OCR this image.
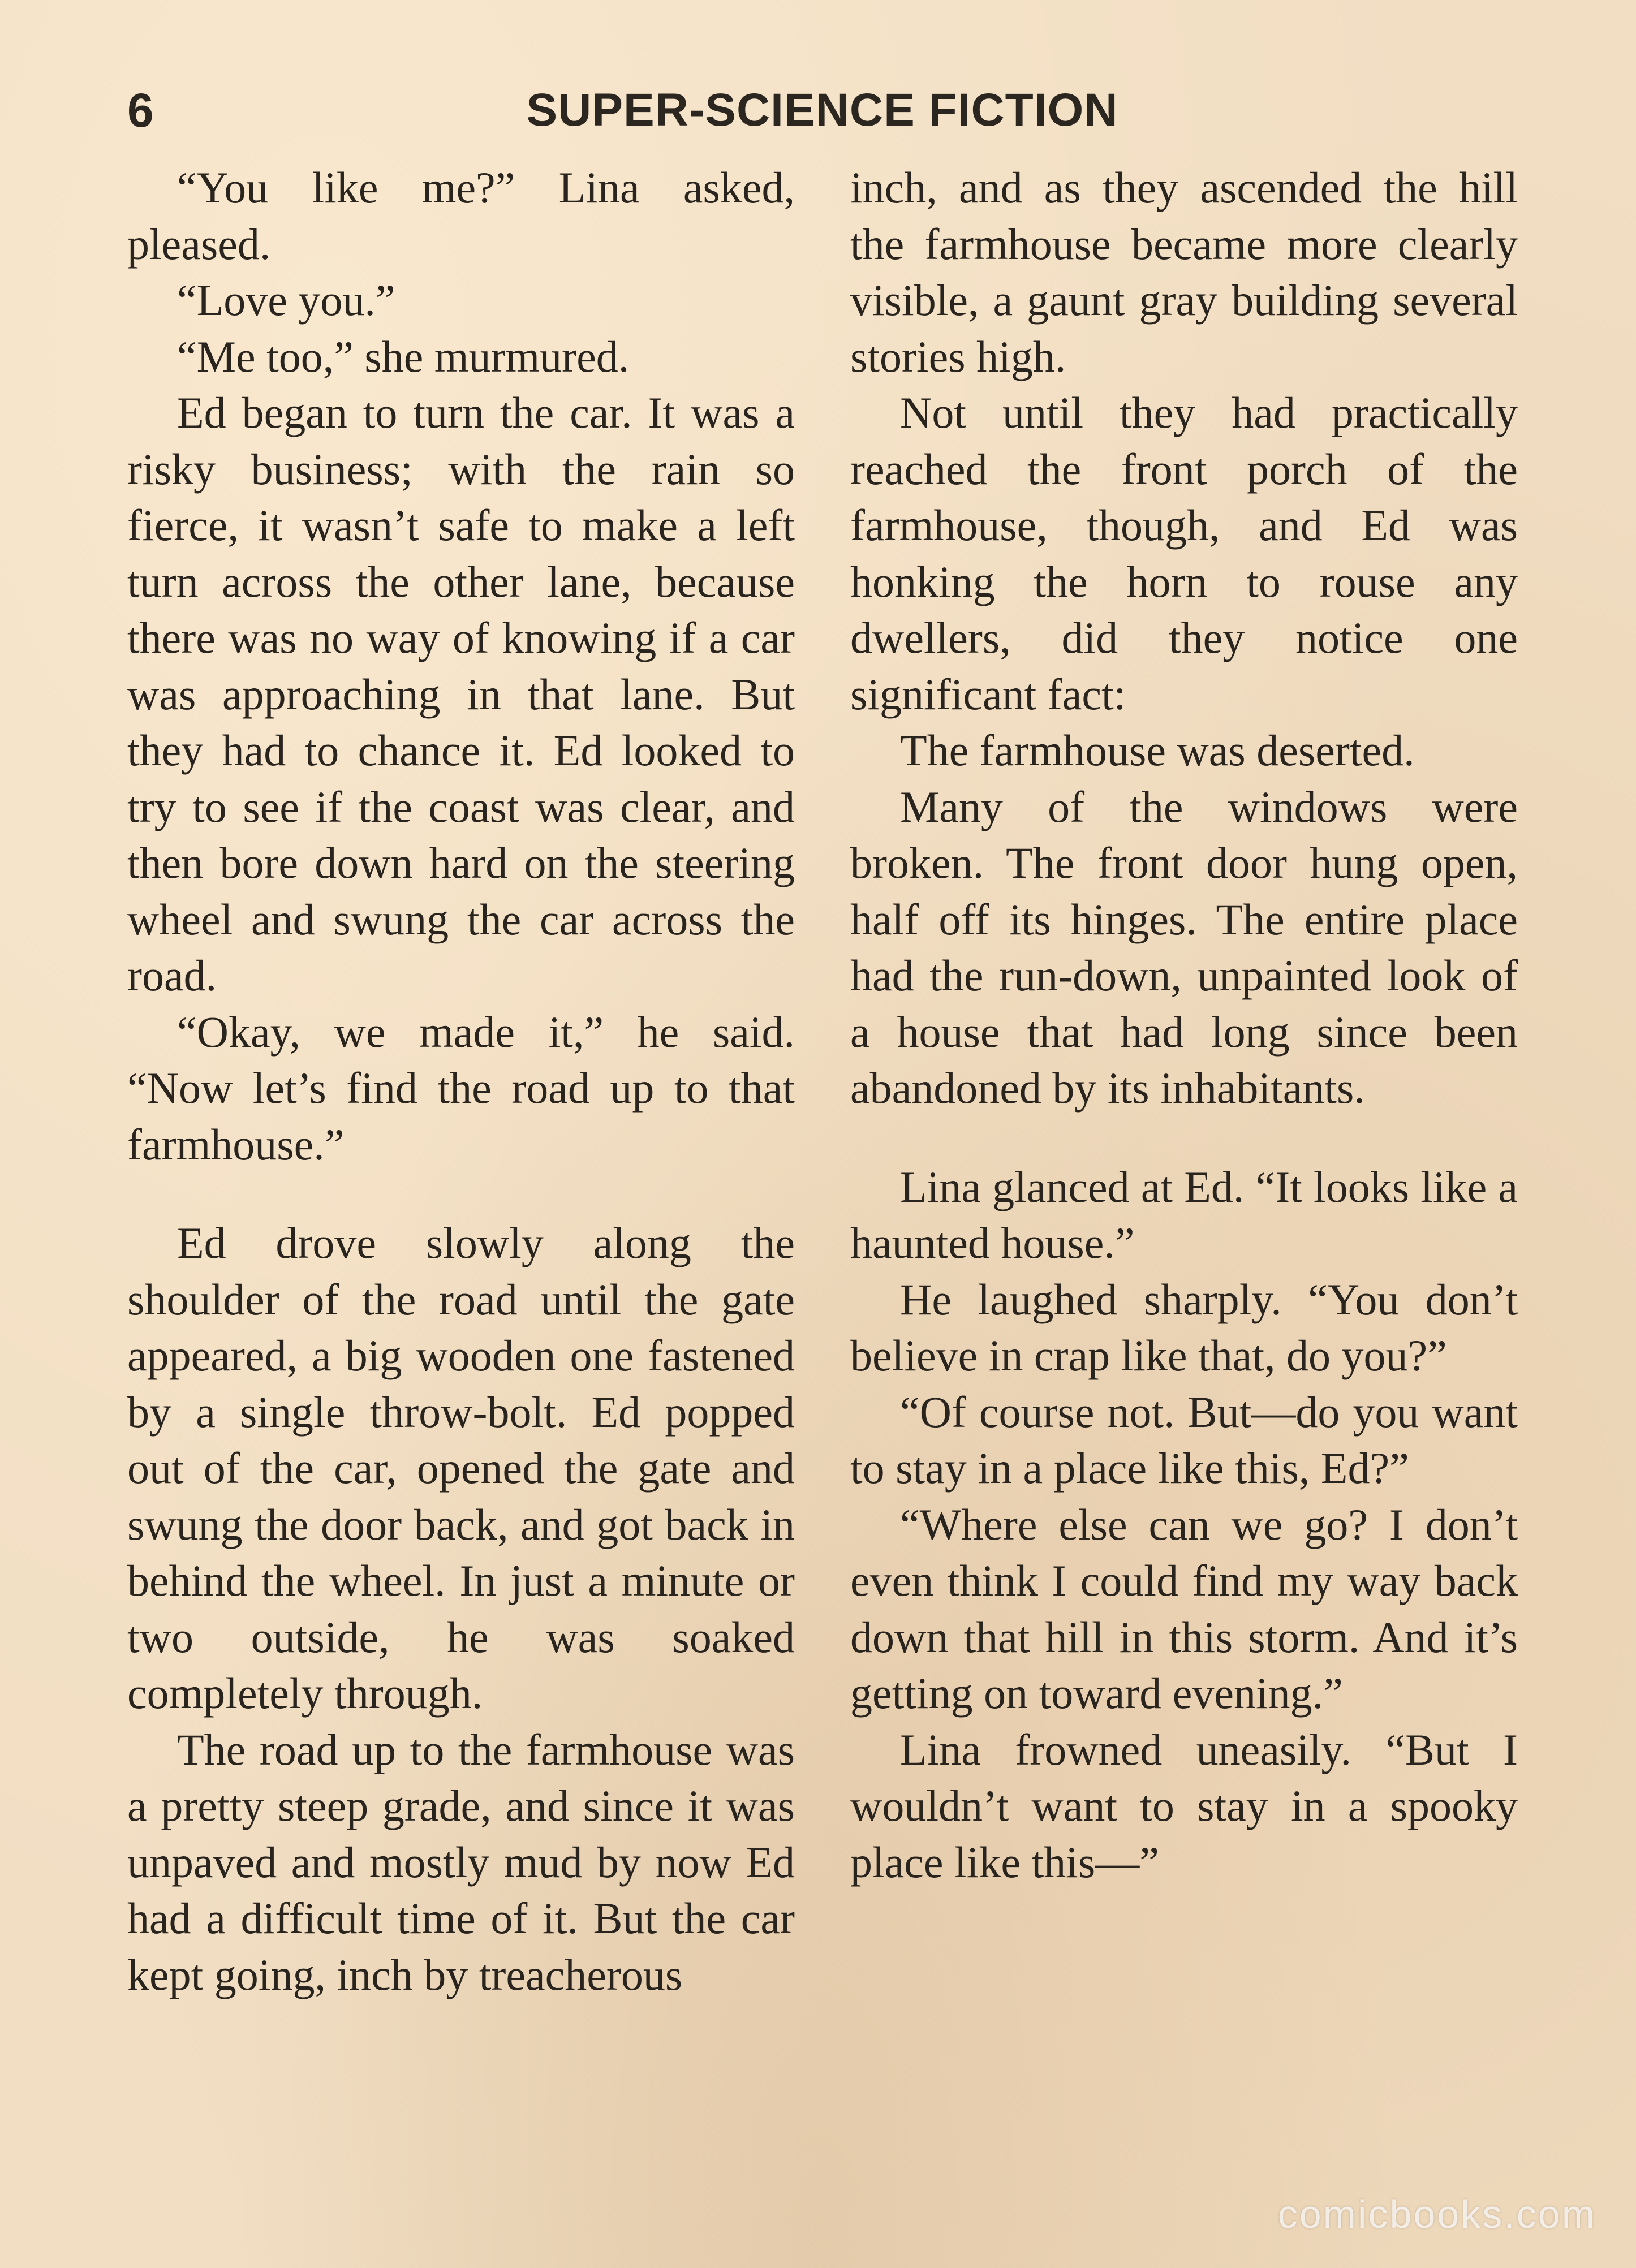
6	SUPER-SCIENCE FICTION

“You like me?” Lina asked, pleased.

“Love you.”

“Me too,” she murmured.

Ed began to turn the car. It was a risky business; with the rain so fierce, it wasn’t safe to make a left turn across the other lane, because there was no way of knowing if a car was approaching in that lane. But they had to chance it. Ed looked to try to see if the coast was clear, and then bore down hard on the steering wheel and swung the car across the road.

“Okay, we made it,” he said. “Now let’s find the road up to that farmhouse.”

Ed drove slowly along the shoulder of the road until the gate appeared, a big wooden one fastened by a single throw-bolt. Ed popped out of the car, opened the gate and swung the door back, and got back in behind the wheel. In just a minute or two outside, he was soaked completely through.

The road up to the farmhouse was a pretty steep grade, and since it was unpaved and mostly mud by now Ed had a difficult time of it. But the car kept going, inch by treacherous

inch, and as they ascended the hill the farmhouse became more clearly visible, a gaunt gray building several stories high.

Not until they had practically reached the front porch of the farmhouse, though, and Ed was honking the horn to rouse any dwellers, did they notice one significant fact:

The farmhouse was deserted.

Many of the windows were broken. The front door hung open, half off its hinges. The entire place had the run-down, unpainted look of a house that had long since been abandoned by its inhabitants.

Lina glanced at Ed. “It looks like a haunted house.”

He laughed sharply. “You don’t believe in crap like that, do you?”

“Of course not. But—do you want to stay in a place like this, Ed?”

“Where else can we go? I don’t even think I could find my way back down that hill in this storm. And it’s getting on toward evening.”

Lina frowned uneasily. “But I wouldn’t want to stay in a spooky place like this—”

comicbooks.com
